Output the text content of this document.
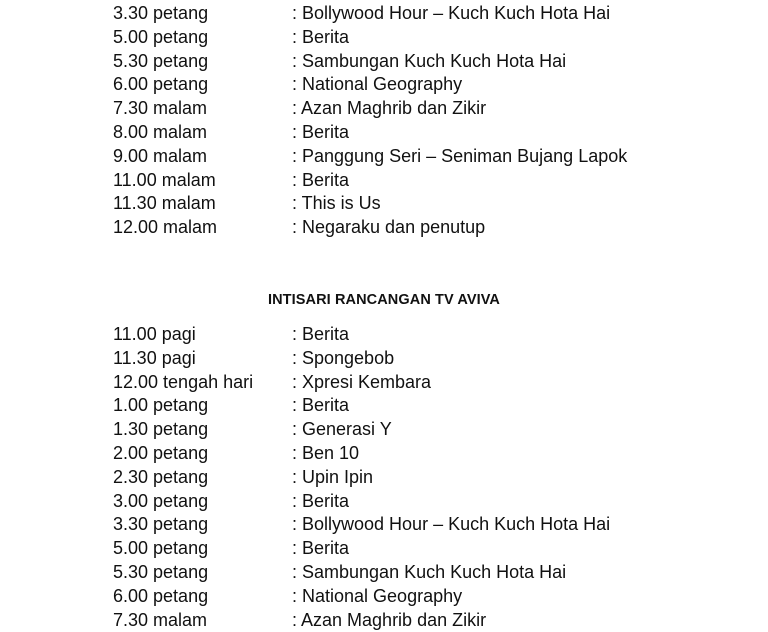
3.30 petang	: Bollywood Hour – Kuch Kuch Hota Hai
5.00 petang	: Berita
5.30 petang	: Sambungan Kuch Kuch Hota Hai
6.00 petang	: National Geography
7.30 malam	: Azan Maghrib dan Zikir
8.00 malam	: Berita
9.00 malam	: Panggung Seri – Seniman Bujang Lapok
11.00 malam	: Berita
11.30 malam	: This is Us
12.00 malam	: Negaraku dan penutup
INTISARI RANCANGAN TV AVIVA
11.00 pagi	: Berita
11.30 pagi	: Spongebob
12.00 tengah hari : Xpresi Kembara
1.00 petang	: Berita
1.30 petang	: Generasi Y
2.00 petang	: Ben 10
2.30 petang	: Upin Ipin
3.00 petang	: Berita
3.30 petang	: Bollywood Hour – Kuch Kuch Hota Hai
5.00 petang	: Berita
5.30 petang	: Sambungan Kuch Kuch Hota Hai
6.00 petang	: National Geography
7.30 malam	: Azan Maghrib dan Zikir
